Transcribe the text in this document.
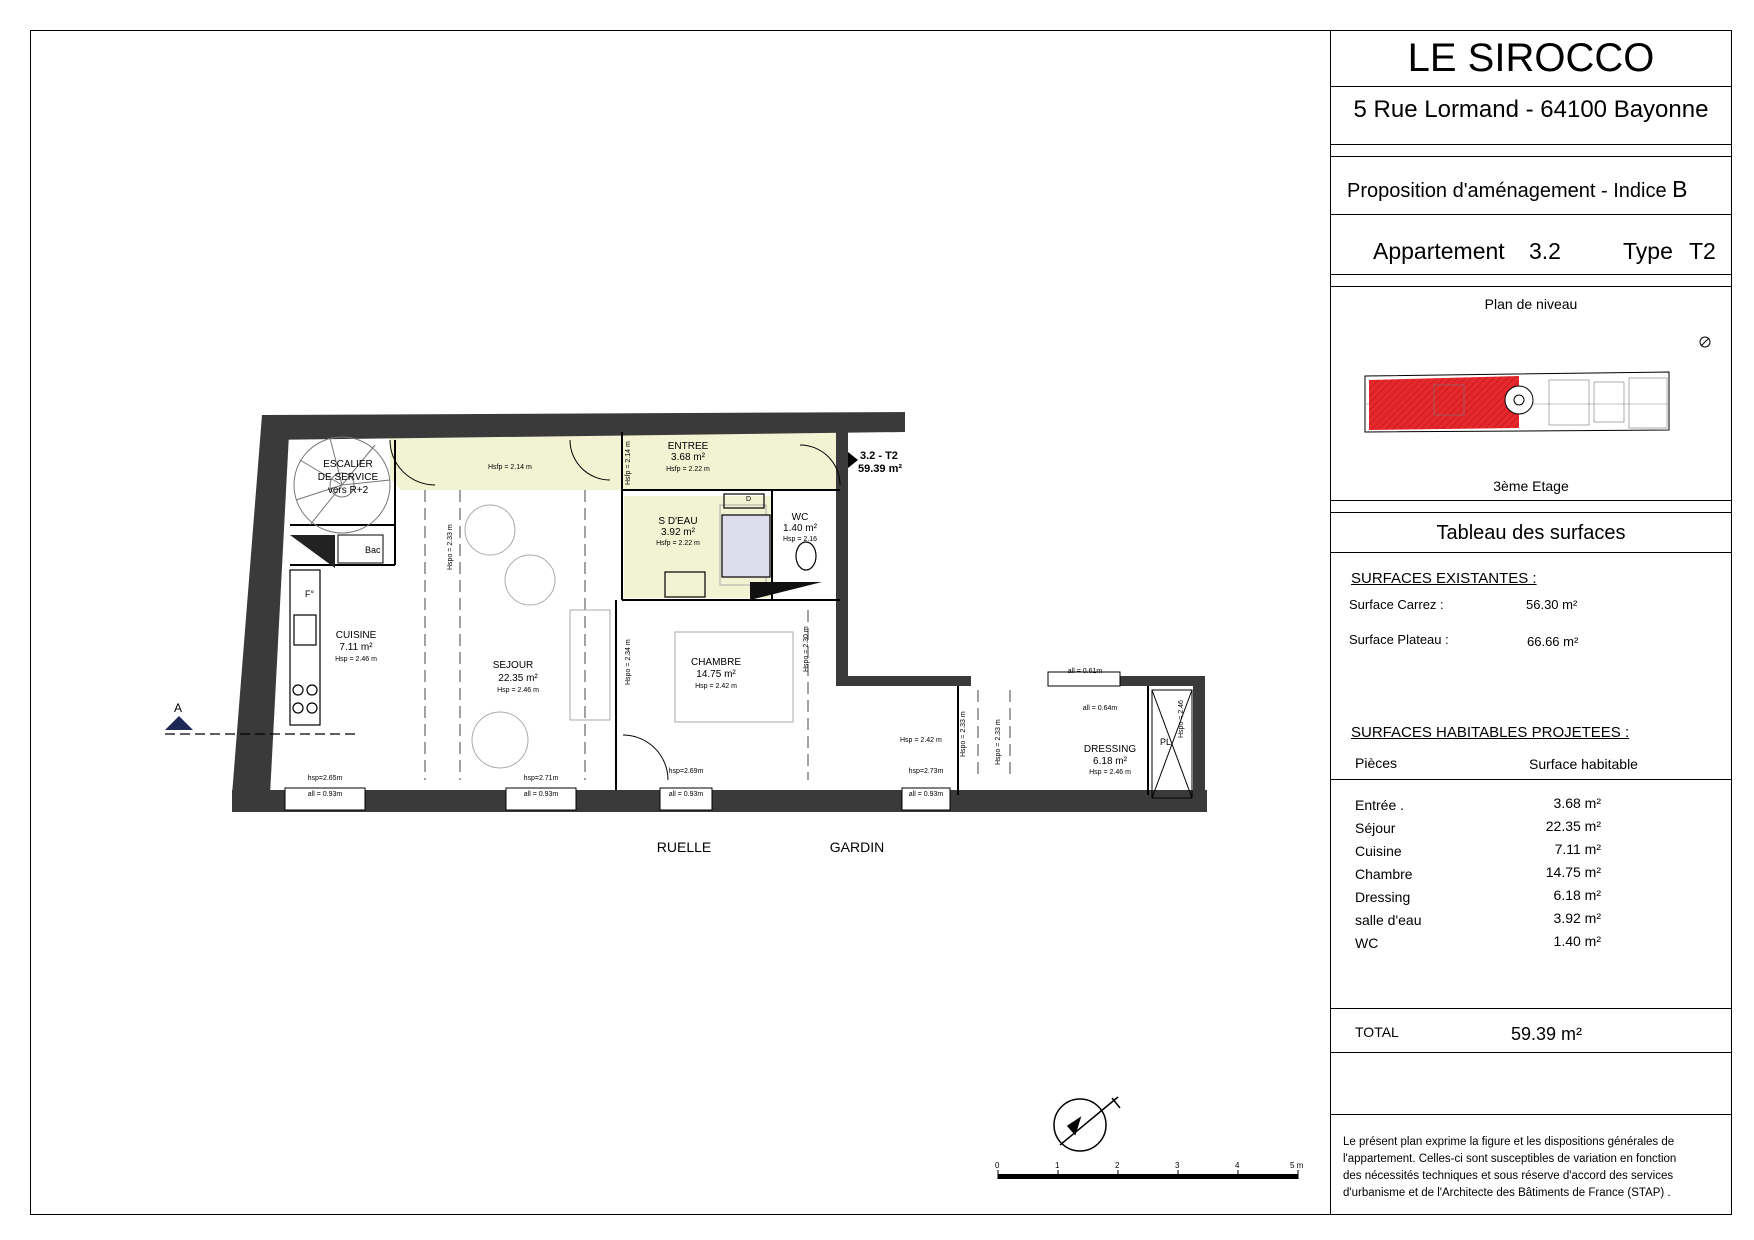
A
3.2 - T2
59.39 m²
ESCALIER
DE SERVICE
vers R+2
ENTREE
3.68 m²
Hsfp = 2.22 m
S D'EAU
3.92 m²
Hsfp = 2.22 m
WC
1.40 m²
Hsp = 2.16
CUISINE
7.11 m²
Hsp = 2.46 m
SEJOUR
22.35 m²
Hsp = 2.46 m
CHAMBRE
14.75 m²
Hsp = 2.42 m
DRESSING
6.18 m²
Hsp = 2.46 m
Bac
F°
PL
D
Hsfp = 2.14 m	Hsfp = 2.14 m
Hspo = 2.33 m
Hspo = 2.34 m	Hspo = 2.30 m
Hsp = 2.42 m	Hspo = 2.33 m	Hspo = 2.33 m
Hspo = 2.46
hsp=2.65m
all = 0.93m
hsp=2.71m
all = 0.93m
hsp=2.69m
all = 0.93m
hsp=2.73m
all = 0.93m
all = 0.61m
all = 0.64m
RUELLE	GARDIN
0	1	2	3	4	5 m
LE SIROCCO
5 Rue Lormand - 64100 Bayonne
Proposition d'aménagement - Indice B
Appartement 3.2	Type T2
Plan de niveau
3ème Etage
Tableau des surfaces
SURFACES EXISTANTES :
Surface Carrez :	56.30 m²
Surface Plateau :	66.66 m²
SURFACES HABITABLES PROJETEES :
Pièces	Surface habitable
Entrée .	3.68 m²
Séjour	22.35 m²
Cuisine	7.11 m²
Chambre	14.75 m²
Dressing	6.18 m²
salle d'eau	3.92 m²
WC	1.40 m²
TOTAL	59.39 m²
Le présent plan exprime la figure et les dispositions générales de
l'appartement. Celles-ci sont susceptibles de variation en fonction
des nécessités techniques et sous réserve d'accord des services
d'urbanisme et de l'Architecte des Bâtiments de France (STAP) .
